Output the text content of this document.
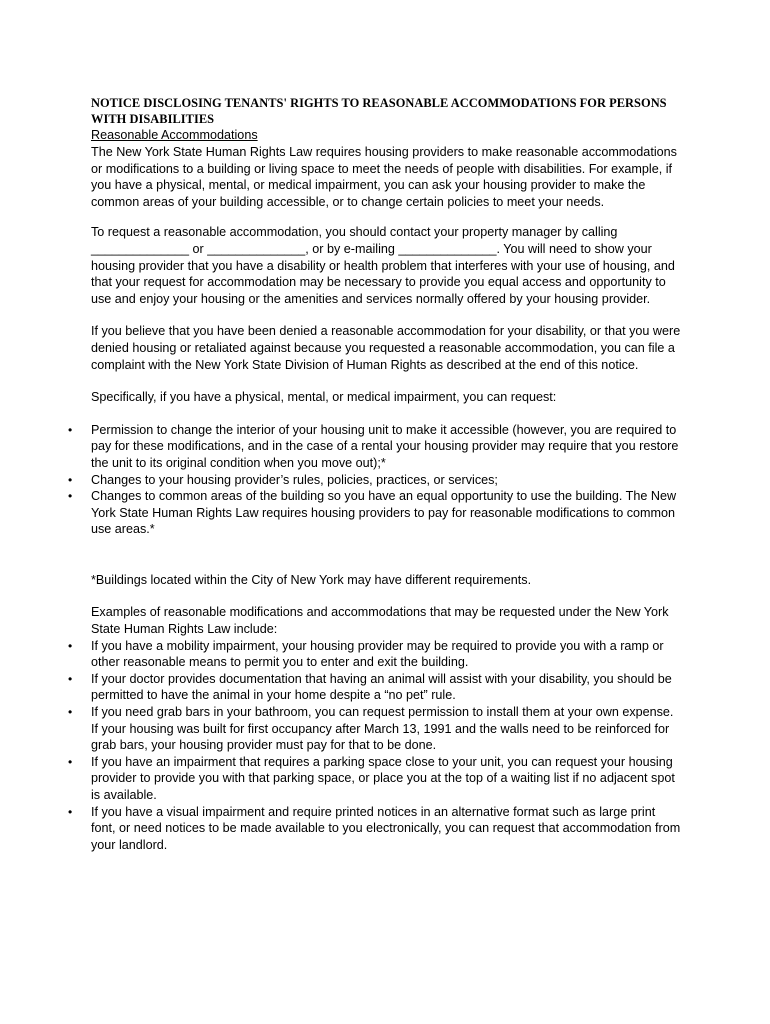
NOTICE DISCLOSING TENANTS' RIGHTS TO REASONABLE ACCOMMODATIONS FOR PERSONS WITH DISABILITIES
Reasonable Accommodations

The New York State Human Rights Law requires housing providers to make reasonable accommodations or modifications to a building or living space to meet the needs of people with disabilities. For example, if you have a physical, mental, or medical impairment, you can ask your housing provider to make the common areas of your building accessible, or to change certain policies to meet your needs.

To request a reasonable accommodation, you should contact your property manager by calling ______________ or ______________, or by e-mailing ______________. You will need to show your housing provider that you have a disability or health problem that interferes with your use of housing, and that your request for accommodation may be necessary to provide you equal access and opportunity to use and enjoy your housing or the amenities and services normally offered by your housing provider.

If you believe that you have been denied a reasonable accommodation for your disability, or that you were denied housing or retaliated against because you requested a reasonable accommodation, you can file a complaint with the New York State Division of Human Rights as described at the end of this notice.

Specifically, if you have a physical, mental, or medical impairment, you can request:

• Permission to change the interior of your housing unit to make it accessible (however, you are required to pay for these modifications, and in the case of a rental your housing provider may require that you restore the unit to its original condition when you move out);*
• Changes to your housing provider’s rules, policies, practices, or services;
• Changes to common areas of the building so you have an equal opportunity to use the building. The New York State Human Rights Law requires housing providers to pay for reasonable modifications to common use areas.*

*Buildings located within the City of New York may have different requirements.

Examples of reasonable modifications and accommodations that may be requested under the New York State Human Rights Law include:

• If you have a mobility impairment, your housing provider may be required to provide you with a ramp or other reasonable means to permit you to enter and exit the building.
• If your doctor provides documentation that having an animal will assist with your disability, you should be permitted to have the animal in your home despite a “no pet” rule.
• If you need grab bars in your bathroom, you can request permission to install them at your own expense. If your housing was built for first occupancy after March 13, 1991 and the walls need to be reinforced for grab bars, your housing provider must pay for that to be done.
• If you have an impairment that requires a parking space close to your unit, you can request your housing provider to provide you with that parking space, or place you at the top of a waiting list if no adjacent spot is available.
• If you have a visual impairment and require printed notices in an alternative format such as large print font, or need notices to be made available to you electronically, you can request that accommodation from your landlord.
